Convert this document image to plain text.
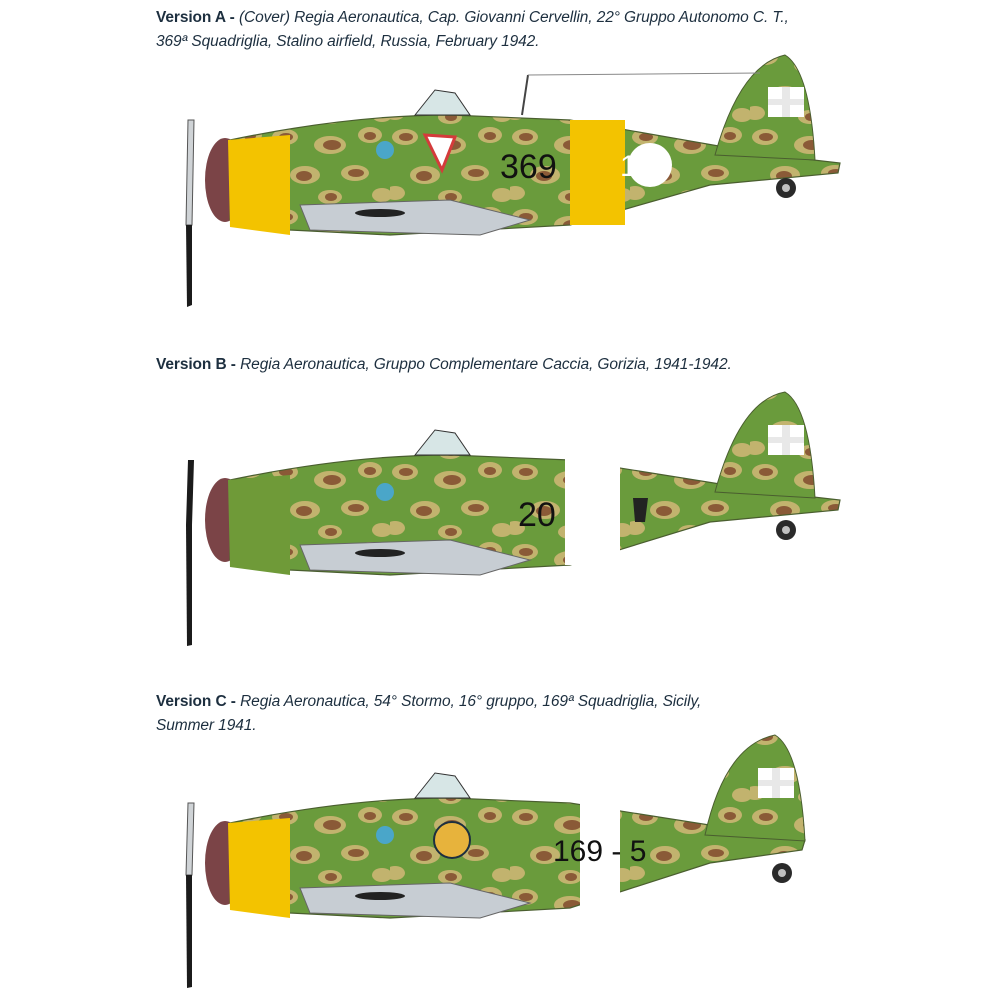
Version A - (Cover) Regia Aeronautica, Cap. Giovanni Cervellin, 22° Gruppo Autonomo C. T.,
369ª Squadriglia, Stalino airfield, Russia, February 1942.
369 11
Version B - Regia Aeronautica, Gruppo Complementare Caccia, Gorizia, 1941-1942.
20
Version C - Regia Aeronautica, 54° Stormo, 16° gruppo, 169ª Squadriglia, Sicily,
Summer 1941.
169 - 5
